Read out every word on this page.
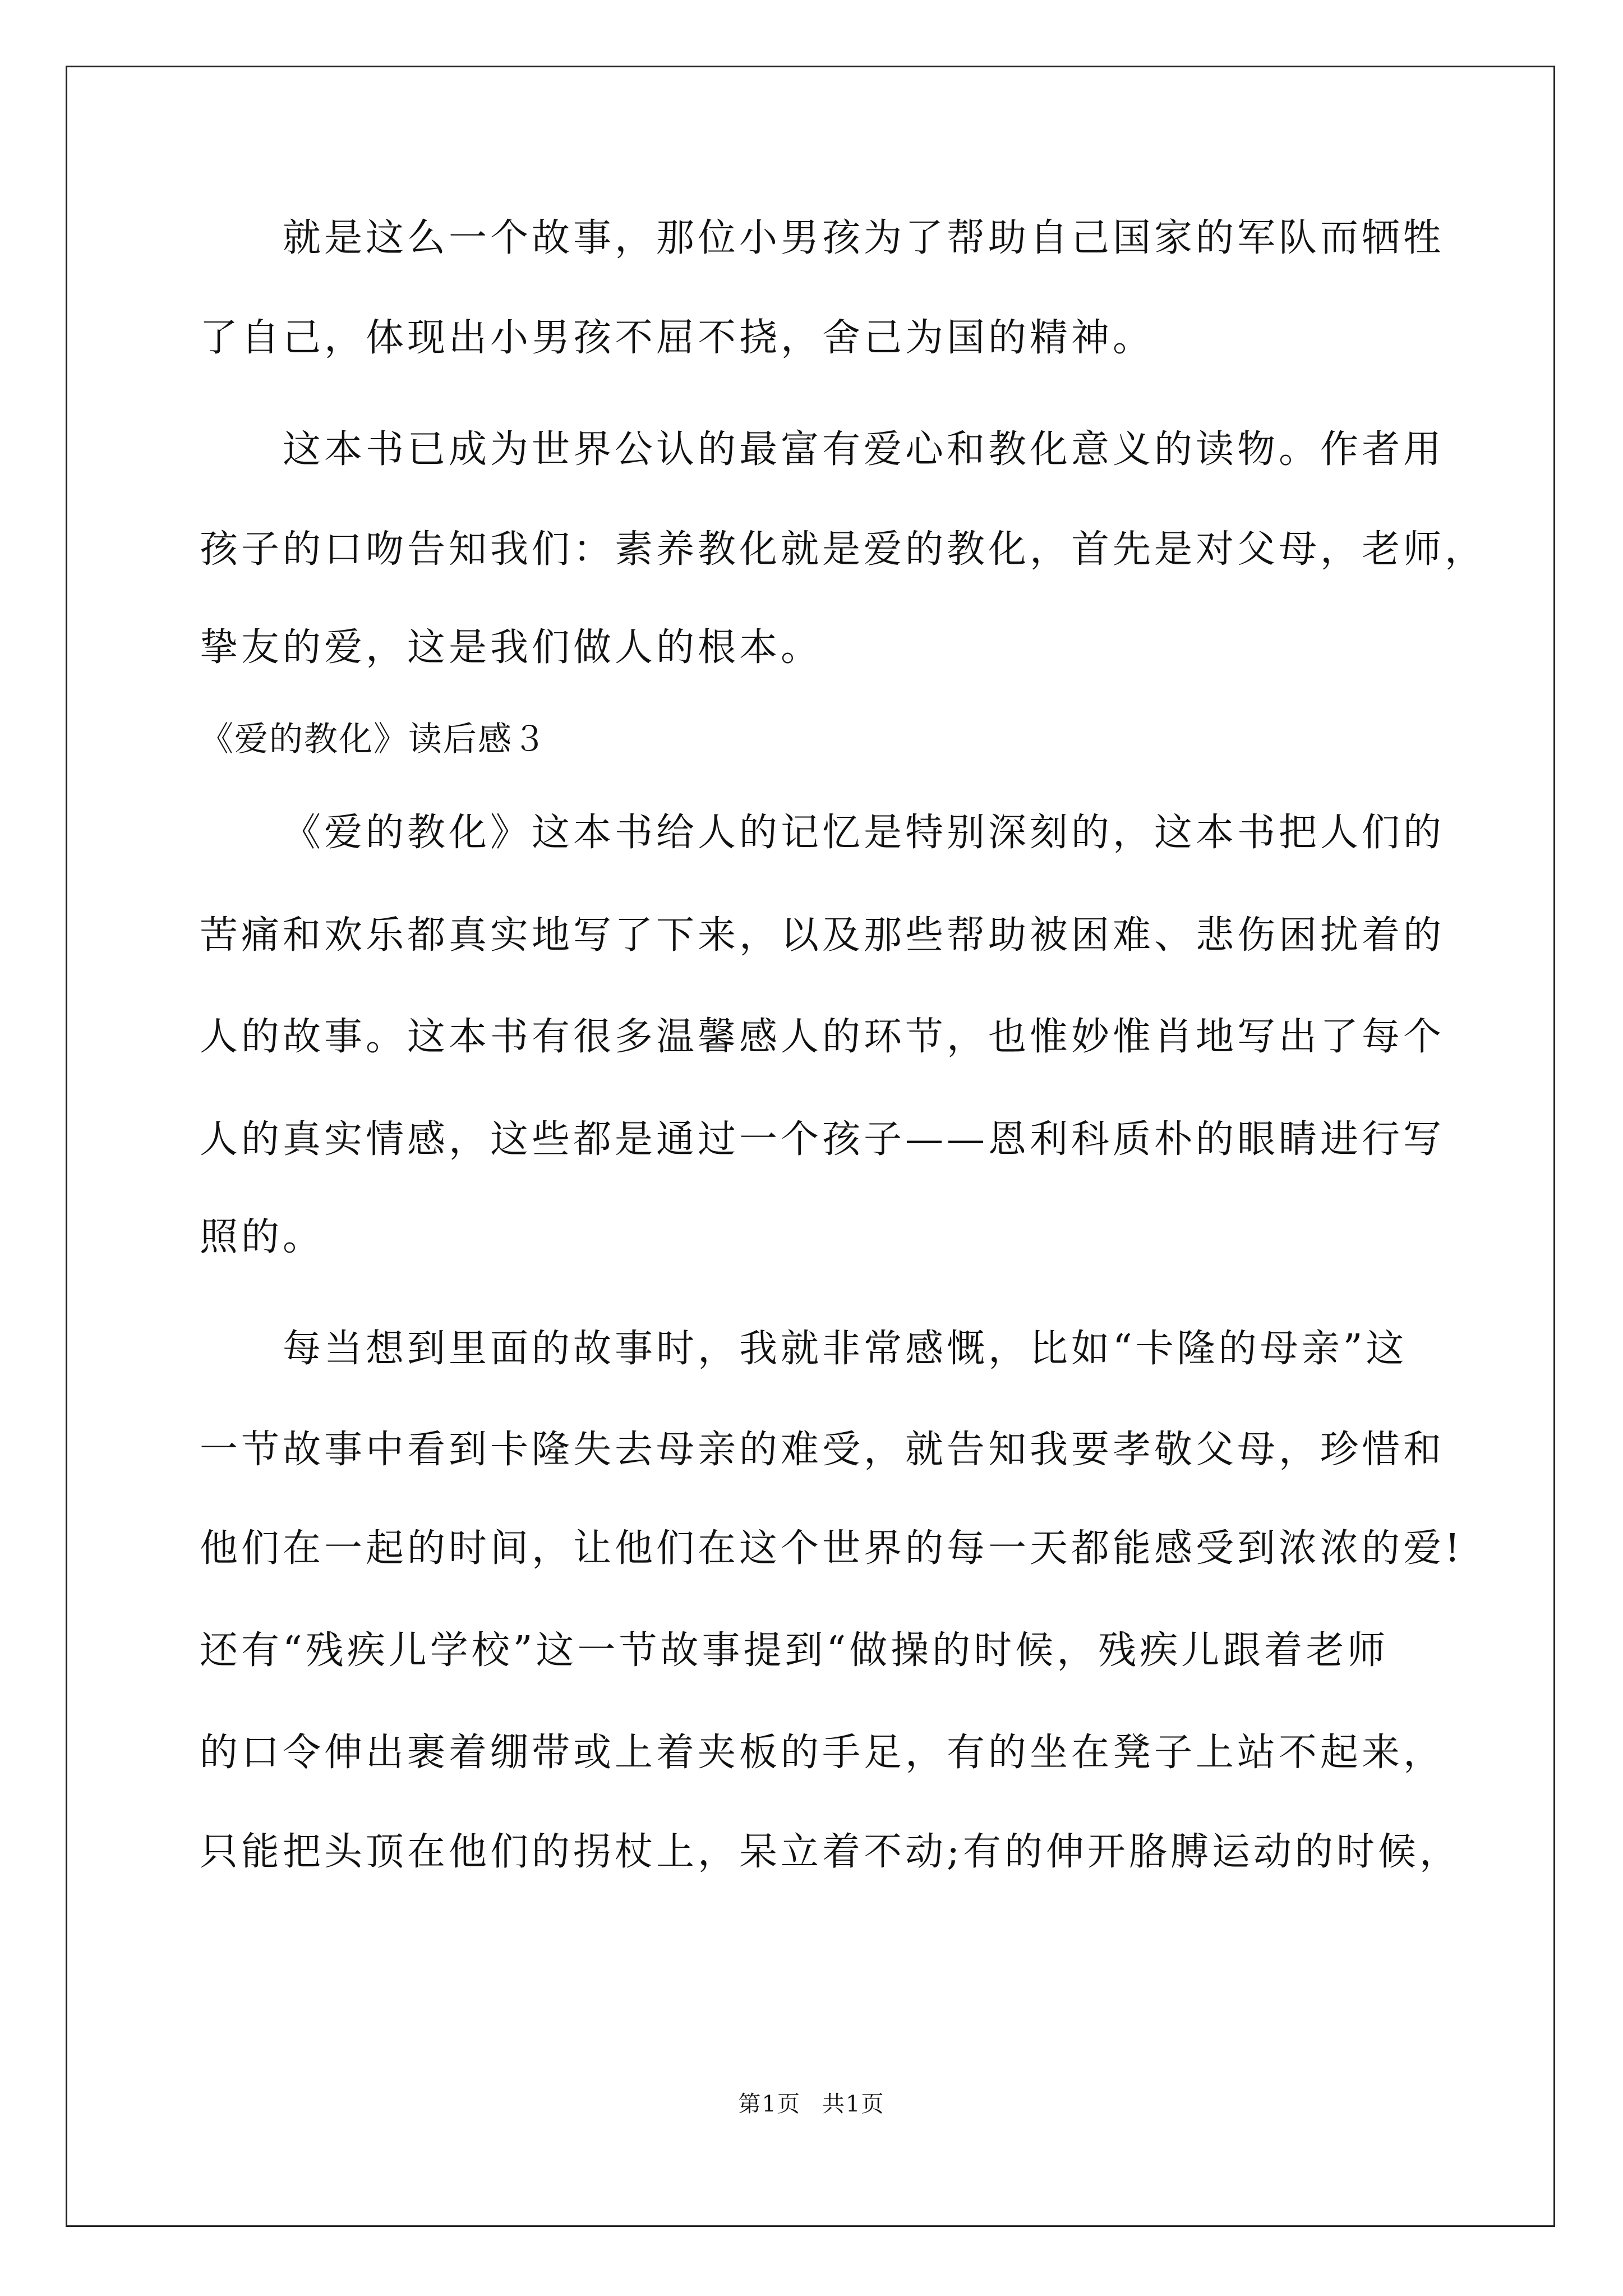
就是这么一个故事，那位小男孩为了帮助自己国家的军队而牺牲
了自己，体现出小男孩不屈不挠，舍己为国的精神。
这本书已成为世界公认的最富有爱心和教化意义的读物。作者用
孩子的口吻告知我们：素养教化就是爱的教化，首先是对父母，老师，
挚友的爱，这是我们做人的根本。
《爱的教化》读后感３
《爱的教化》这本书给人的记忆是特别深刻的，这本书把人们的
苦痛和欢乐都真实地写了下来，以及那些帮助被困难、悲伤困扰着的
人的故事。这本书有很多温馨感人的环节，也惟妙惟肖地写出了每个
人的真实情感，这些都是通过一个孩子——恩利科质朴的眼睛进行写
照的。
每当想到里面的故事时，我就非常感慨，比如“卡隆的母亲”这
一节故事中看到卡隆失去母亲的难受，就告知我要孝敬父母，珍惜和
他们在一起的时间，让他们在这个世界的每一天都能感受到浓浓的爱!
还有“残疾儿学校”这一节故事提到“做操的时候，残疾儿跟着老师
的口令伸出裹着绷带或上着夹板的手足，有的坐在凳子上站不起来，
只能把头顶在他们的拐杖上，呆立着不动;有的伸开胳膊运动的时候，
第1页 共1页
